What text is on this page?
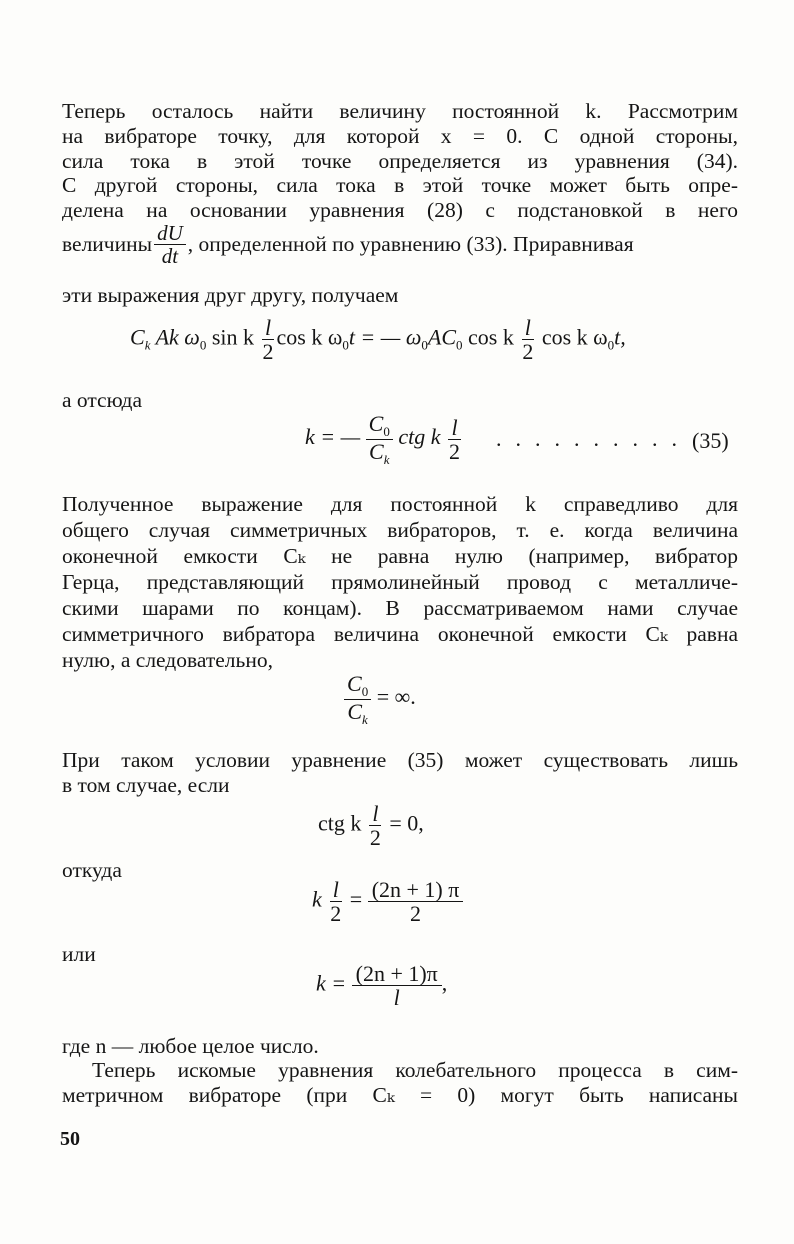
Теперь осталось найти величину постоянной k. Рассмотрим
на вибраторе точку, для которой x = 0. С одной стороны,
сила тока в этой точке определяется из уравнения (34).
С другой стороны, сила тока в этой точке может быть опре-
делена на основании уравнения (28) с подстановкой в него
величины $\frac{dU}{dt}$ , определенной по уравнению (33). Приравнивая
эти выражения друг другу, получаем
$C_k$ Ak $\omega_0$ sin k $\frac{l}{2}$ cos k $\omega_0t$ = — $\omega_0AC_0$ cos k $\frac{l}{2}$ cos k $\omega_0t$,
а отсюда
k = — $\frac{C_0}{C_k}$ ctg k $\frac{l}{2}$ .......... (35)
Полученное выражение для постоянной k справедливо для
общего случая симметричных вибраторов, т. е. когда величина
оконечной емкости Cₖ не равна нулю (например, вибратор
Герца, представляющий прямолинейный провод с металличе-
скими шарами по концам). В рассматриваемом нами случае
симметричного вибратора величина оконечной емкости Cₖ равна
нулю, а следовательно,
$\frac{C_0}{C_k}$ = ∞.
При таком условии уравнение (35) может существовать лишь
в том случае, если
ctg k $\frac{l}{2} = 0$,
откуда
k $\frac{l}{2} = \frac{(2n + 1) \pi}{2}$
или
$k = \frac{(2n + 1)\pi}{l}$ ,
где n — любое целое число.
Теперь искомые уравнения колебательного процесса в сим-
метричном вибраторе (при Cₖ = 0) могут быть написаны
50
